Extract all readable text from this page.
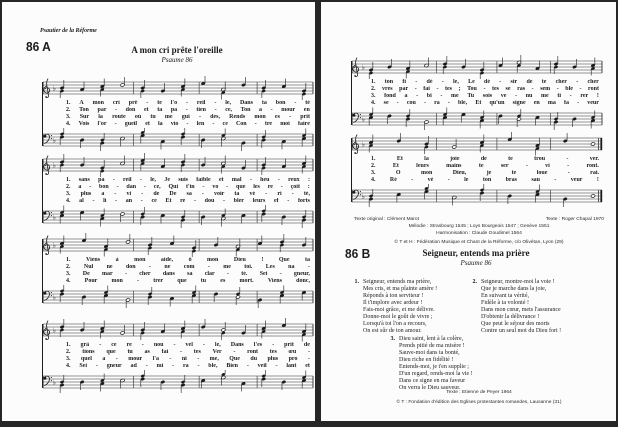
Psautier de la Réforme
86 A	A mon cri prête l'oreille
Psaume 86
♭
1. A mon cri prê - te l'o - reil - le, Dans ta bon - té
2. Ton par - don et ta pa - tien - ce, Ton a - mour en
3. Sur la route où tu me gui - des, Rends mon es - prit
4. Vois l'or - gueil et la vio - len - ce Con - tre moi faire
♭
♭
1. sans pa - reil - le, Je suis faible et mal - heu - reux :
2. a - bon - dan - ce, Qui t'in - vo - que les re - çoit :
3. plus a - vi - de De sa - voir ta vé - ri - té,
4. al - li - an - ce Et re - dou - bler leurs ef - forts
♭
♭
1.	Viens	à	mon	aide,	ô	mon	Dieu	!	Que	ta
2. Nul ne don - ne com - me toi. Les na -
3. De mar - cher dans sa clar - té. Sei - gneur,
4. Pour mon - trer que tu es mort. Viens donc,
♭
♭
1. grâ - ce re - nou - vel - le, Dans l'es - prit de
2. tions que tu as fai - tes Ver - ront tes œu -
3. quel a - mour l'a - ni - me, Que du plus pro -
4. Sei - gneur ad - mi - ra - ble, Bien - veil - lant et
♭
♭
1. ton fi - dè - le, Le dé - sir de te cher - cher
2. vres par - fai - tes ; Tou - tes se ras - sem - ble - ront
3. fond a - bî - me Tu sois ve - nu me ti - rer !
4. se - cou - ra - ble, Et qu'un signe en ma fa - veur
♭
♭
1.	Et	la	joie	de	te	trou	-	ver.
2.	Et	leurs	mains	te	ser	-	vi	-	ront.
3.	O	mon	Dieu,	je	te	loue	-	rai.
4. Ré - vè - le ton bras sau - veur !
♭
Texte original : Clément Marot	Texte : Roger Chapal 1970
Mélodie : Strasbourg 1545 ; Loys Bourgeois 1547 ; Genève 1551
Harmonisation : Claude Goudimel 1564
© T et H : Fédération Musique et Chant de la Réforme, c/o Olivétan, Lyon (29)
86 B	Seigneur, entends ma prière
Psaume 86
1. Seigneur, entends ma prière,
Mes cris, et ma plainte amère !
Réponds à ton serviteur !
Il t'implore avec ardeur !
Fais-moi grâce, et me délivre.
Donne-moi le goût de vivre ;
Lorsqu'à toi l'on a recours,
On est sûr de ton amour.
2. Seigneur, montre-moi la voie !
Que je marche dans la joie,
En suivant ta vérité,
Fidèle à ta volonté !
Dans mon cœur, mets l'assurance
D'obtenir la délivrance !
Que peut le séjour des morts
Contre un seul mot du Dieu fort !
3. Dieu saint, lent à la colère,
Prends pitié de ma misère !
Sauve-moi dans ta bonté,
Dieu riche en fidélité !
Entends-moi, je t'en supplie ;
D'un regard, rends-moi la vie !
Dans ce signe en ma faveur
On verra le Dieu sauveur.
Texte : Etienne de Peyer 1964
© T : Fondation d'édition des Eglises protestantes romandes, Lausanne (31)
